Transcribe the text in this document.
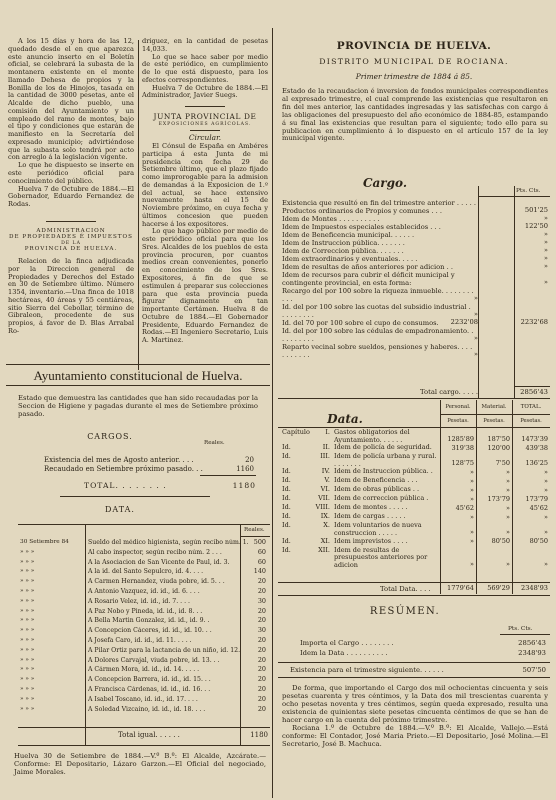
A los 15 días y hora de las 12, quedado desde el en que aparezca este anuncio inserto en el Boletín oficial, se celebrará la subasta de la montanera existente en el monte llamado Dehesa de propios y la Bonilla de los de Hinojos, tasada en la cantidad de 3000 pesetas, ante el Alcalde de dicho pueblo, una comisión del Ayuntamiento y un empleado del ramo de montes, bajo el tipo y condiciones que estarán de manifiesto en la Secretaría del expresado municipio; advirtiéndose que la subasta solo tendrá por acto con arreglo á la legislación vigente.

Lo que he dispuesto se inserte en este periódico oficial para conocimiento del público.

Huelva 7 de Octubre de 1884.—El Gobernador, Eduardo Fernandez de Rodas.

ADMINISTRACION

DE PROPIEDADES É IMPUESTOS

DE LA

PROVINCIA DE HUELVA.

Relacion de la finca adjudicada por la Direccion general de Propiedades y Derechos del Estado en 30 de Setiembre último. Número 1354, inventario.—Una finca de 1018 hectáreas, 40 áreas y 55 centiáreas, sitio Sierra del Cebollar, término de Gibraleon, procedente de sus propios, á favor de D. Blas Arrabal Ro-

driguez, en la cantidad de pesetas 14,033.

Lo que se hace saber por medio de este periódico, en cumplimiento de lo que está dispuesto, para los efectos correspondientes.

Huelva 7 de Octubre de 1884.—El Administrador, Javier Suegs.

JUNTA PROVINCIAL DE

EXPOSICIONES AGRÍCOLAS.

Circular.

El Cónsul de España en Ambéres participa á esta Junta de mi presidencia con fecha 29 de Setiembre último, que el plazo fijado como improrogable para la admision de demandas á la Exposicion de 1.º del actual, se hace extensivo nuevamente hasta el 15 de Noviembre próximo, en cuya fecha y últimos concesion que pueden hacerse á los expositores.

Lo que hago público por medio de este periódico oficial para que los Sres. Alcaldes de los pueblos de esta provincia procuren, por cuantos medios crean convenientes, ponerlo en conocimiento de los Sres. Expositores, á fin de que se estimulen á preparar sus colecciones para que esta provincia pueda figurar dignamente en tan importante Certámen. Huelva 8 de Octubre de 1884.—El Gobernador Presidente, Eduardo Fernandez de Rodas.—El Ingeniero Secretario, Luis A. Martinez.

Ayuntamiento constitucional de Huelva.
Estado que demuestra las cantidades que han sido recaudadas por la Seccion de Higiene y pagadas durante el mes de Setiembre próximo pasado.
CARGOS.
Reales.
Existencia del mes de Agosto anterior. . . .	20
Recaudado en Setiembre próximo pasado. . .	1160
TOTAL. . . . . . . .	1180
DATA.
Reales.
30 Setiembre 84	Sueldo del médico higienista, según recibo núm. 1. 500
» » »	Al cabo inspector, según recibo núm. 2 . . .	60
» » »	A la Asociacion de San Vicente de Paul, id. 3.	60
» » »	A la id. del Santo Sepulcro, id. 4. . . .	140
» » »	A Carmen Hernandez, viuda pobre, id. 5. . .	20
» » »	A Antonio Vazquez, id. id., id. 6. . . .	20
» » »	A Rosario Velez, id. id., id. 7. . . .	30
» » »	A Paz Nobo y Pineda, id. id., id. 8. . .	20
» » »	A Bella Martin Gonzalez, id. id., id. 9. .	20
» » »	A Concepcion Cáceres, id. id., id. 10. . .	30
» » »	A Josefa Caro, id. id., id. 11. . . . .	20
» » »	A Pilar Ortiz para la lactancia de un niño, id. 12.	20
» » »	A Dolores Carvajal, viuda pobre, id. 13. . .	20
» » »	A Cármen Mora, id. id., id. 14. . . . .	20
» » »	A Concepcion Barrera, id. id., id. 15. . .	20
» » »	A Francisca Cárdenas, id. id., id. 16. . .	20
» » »	A Isabel Toscano, id. id., id. 17. . . .	20
» » »	A Soledad Vizcaino, id. id., id. 18. . . .	20
Total igual. . . . . .	1180
Huelva 30 de Setiembre de 1884.—V.º B.º: El Alcalde, Azcárate.—Conforme: El Depositario, Lázaro Garzon.—El Oficial del negociado, Jaime Morales.
PROVINCIA DE HUELVA.
DISTRITO MUNICIPAL DE ROCIANA.
Primer trimestre de 1884 á 85.
Estado de la recaudacion é inversion de fondos municipales correspondientes al expresado trimestre, el cual comprende las existencias que resultaron en fin del mes anterior, las cantidades ingresadas y las satisfechas con cargo á las obligaciones del presupuesto del año económico de 1884-85, estampando á su final las existencias que resultan para el siguiente; todo ello para su publicacion en cumplimiento á lo dispuesto en el artículo 157 de la ley municipal vigente.
Cargo.
Pts. Cts.
Existencia que resultó en fin del trimestre anterior . . . . .
Productos ordinarios de Propios y comunes . . .	501'25
Idem de Montes . . . . . . . . . .	»
Idem de Impuestos especiales establecidos . . .	122'50
Idem de Beneficencia municipal. . . . . .	»
Idem de Instruccion pública. . . . . . .	»
Idem de Correccion pública. . . . . . .	»
Idem extraordinarios y eventuales. . . . .	»
Idem de resultas de años anteriores por adicion . .	»
Idem de recursos para cubrir el déficit municipal y contingente provincial, en esta forma:	»
Recargo del por 100 sobre la riqueza inmueble. . . . . . . . . . .	»
Id. del por 100 sobre las cuotas del subsidio industrial . . . . . . . . .	»
Id. del 70 por 100 sobre el cupo de consumos.	2232'08	2232'68
Id. del por 100 sobre las cédulas de empadronamiento. . . . . . . . . .	»
Reparto vecinal sobre sueldos, pensiones y haberes. . . . . . . . . . .	»
Total cargo. . . . .	2856'43
Data.
Personal.	Material.	TOTAL.
Pesetas.	Pesetas.	Pesetas.
Capítulo	I. Gastos obligatorios del Ayuntamiento. . . . . .	1285'89	187'50	1473'39
Id.	II. Idem de policía de seguridad.	319'38	120'00	439'38
Id.	III. Idem de policía urbana y rural. . . . . . . .	128'75	7'50	136'25
Id.	IV. Idem de Instruccion pública. .	»	»	»
Id.	V. Idem de Beneficencia . . .	»	»	»
Id.	VI. Idem de obras públicas . .	»	»	»
Id.	VII. Idem de correccion pública .	»	173'79	173'79
Id.	VIII. Idem de montes . . . . .	45'62	»	45'62
Id.	IX. Idem de cargas . . . . .	»	»	»
Id.	X. Idem voluntarios de nueva construccion . . . . .	»	»	»
Id.	XI. Idem imprevistos . . . .	»	80'50	80'50
Id.	XII. Idem de resultas de presupuestos anteriores por adicion	»	»	»
Total Data. . . .	1779'64	569'29	2348'93
RESÚMEN.
Pts. Cts.
Importa el Cargo . . . . . . . .	2856'43
Idem la Data . . . . . . . . . .	2348'93
Existencia para el trimestre siguiente. . . . . .	507'50

De forma, que importando el Cargo dos mil ochocientas cincuenta y seis pesetas cuarenta y tres céntimos, y la Data dos mil trescientas cuarenta y ocho pesetas noventa y tres céntimos, según queda expresado, resulta una existencia de quinientas siete pesetas cincuenta céntimos de que se han de hacer cargo en la cuenta del próximo trimestre.

Rociana 1.º de Octubre de 1884.—V.º B.º: El Alcalde, Vallejo.—Está conforme: El Contador, José Maria Prieto.—El Depositario, José Molina.—El Secretario, José B. Machuca.
